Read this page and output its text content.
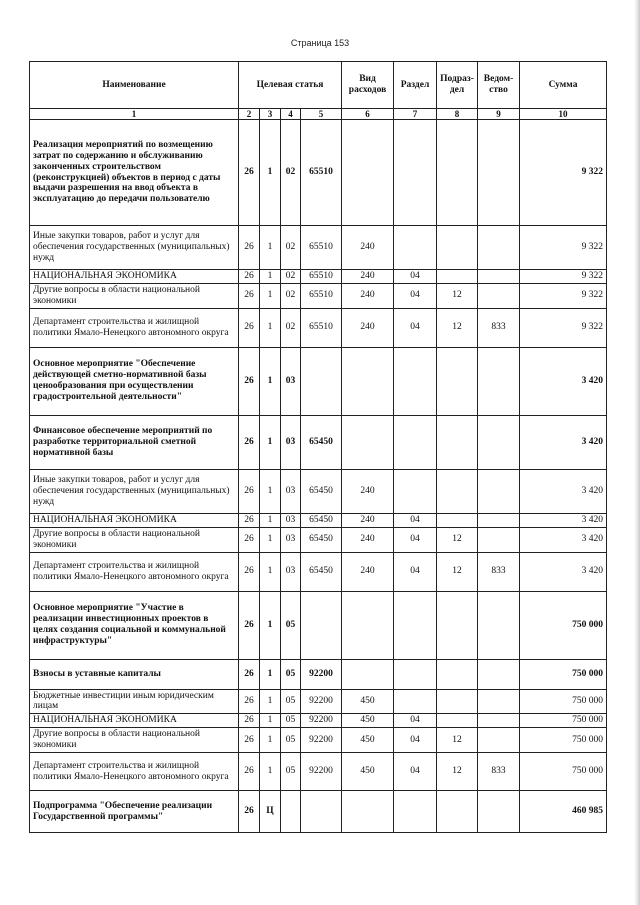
Страница 153
Наименование	Целевая статья				Вид расходов	Раздел	Подраз-дел	Ведом-ство	Сумма
1	2	3	4	5	6	7	8	9	10
Реализация мероприятий по возмещению затрат по содержанию и обслуживанию законченных строительством (реконструкцией) объектов в период с даты выдачи разрешения на ввод объекта в эксплуатацию до передачи пользователю	26	1	02	65510					9 322
Иные закупки товаров, работ и услуг для обеспечения государственных (муниципальных) нужд	26	1	02	65510	240				9 322
НАЦИОНАЛЬНАЯ ЭКОНОМИКА	26	1	02	65510	240	04			9 322
Другие вопросы в области национальной экономики	26	1	02	65510	240	04	12		9 322
Департамент строительства и жилищной политики Ямало-Ненецкого автономного округа	26	1	02	65510	240	04	12	833	9 322
Основное мероприятие "Обеспечение действующей сметно-нормативной базы ценообразования при осуществлении градостроительной деятельности"	26	1	03						3 420
Финансовое обеспечение мероприятий по разработке территориальной сметной нормативной базы	26	1	03	65450					3 420
Иные закупки товаров, работ и услуг для обеспечения государственных (муниципальных) нужд	26	1	03	65450	240				3 420
НАЦИОНАЛЬНАЯ ЭКОНОМИКА	26	1	03	65450	240	04			3 420
Другие вопросы в области национальной экономики	26	1	03	65450	240	04	12		3 420
Департамент строительства и жилищной политики Ямало-Ненецкого автономного округа	26	1	03	65450	240	04	12	833	3 420
Основное мероприятие "Участие в реализации инвестиционных проектов в целях создания социальной и коммунальной инфраструктуры"	26	1	05						750 000
Взносы в уставные капиталы	26	1	05	92200					750 000
Бюджетные инвестиции иным юридическим лицам	26	1	05	92200	450				750 000
НАЦИОНАЛЬНАЯ ЭКОНОМИКА	26	1	05	92200	450	04			750 000
Другие вопросы в области национальной экономики	26	1	05	92200	450	04	12		750 000
Департамент строительства и жилищной политики Ямало-Ненецкого автономного округа	26	1	05	92200	450	04	12	833	750 000
Подпрограмма "Обеспечение реализации Государственной программы"	26	Ц							460 985
